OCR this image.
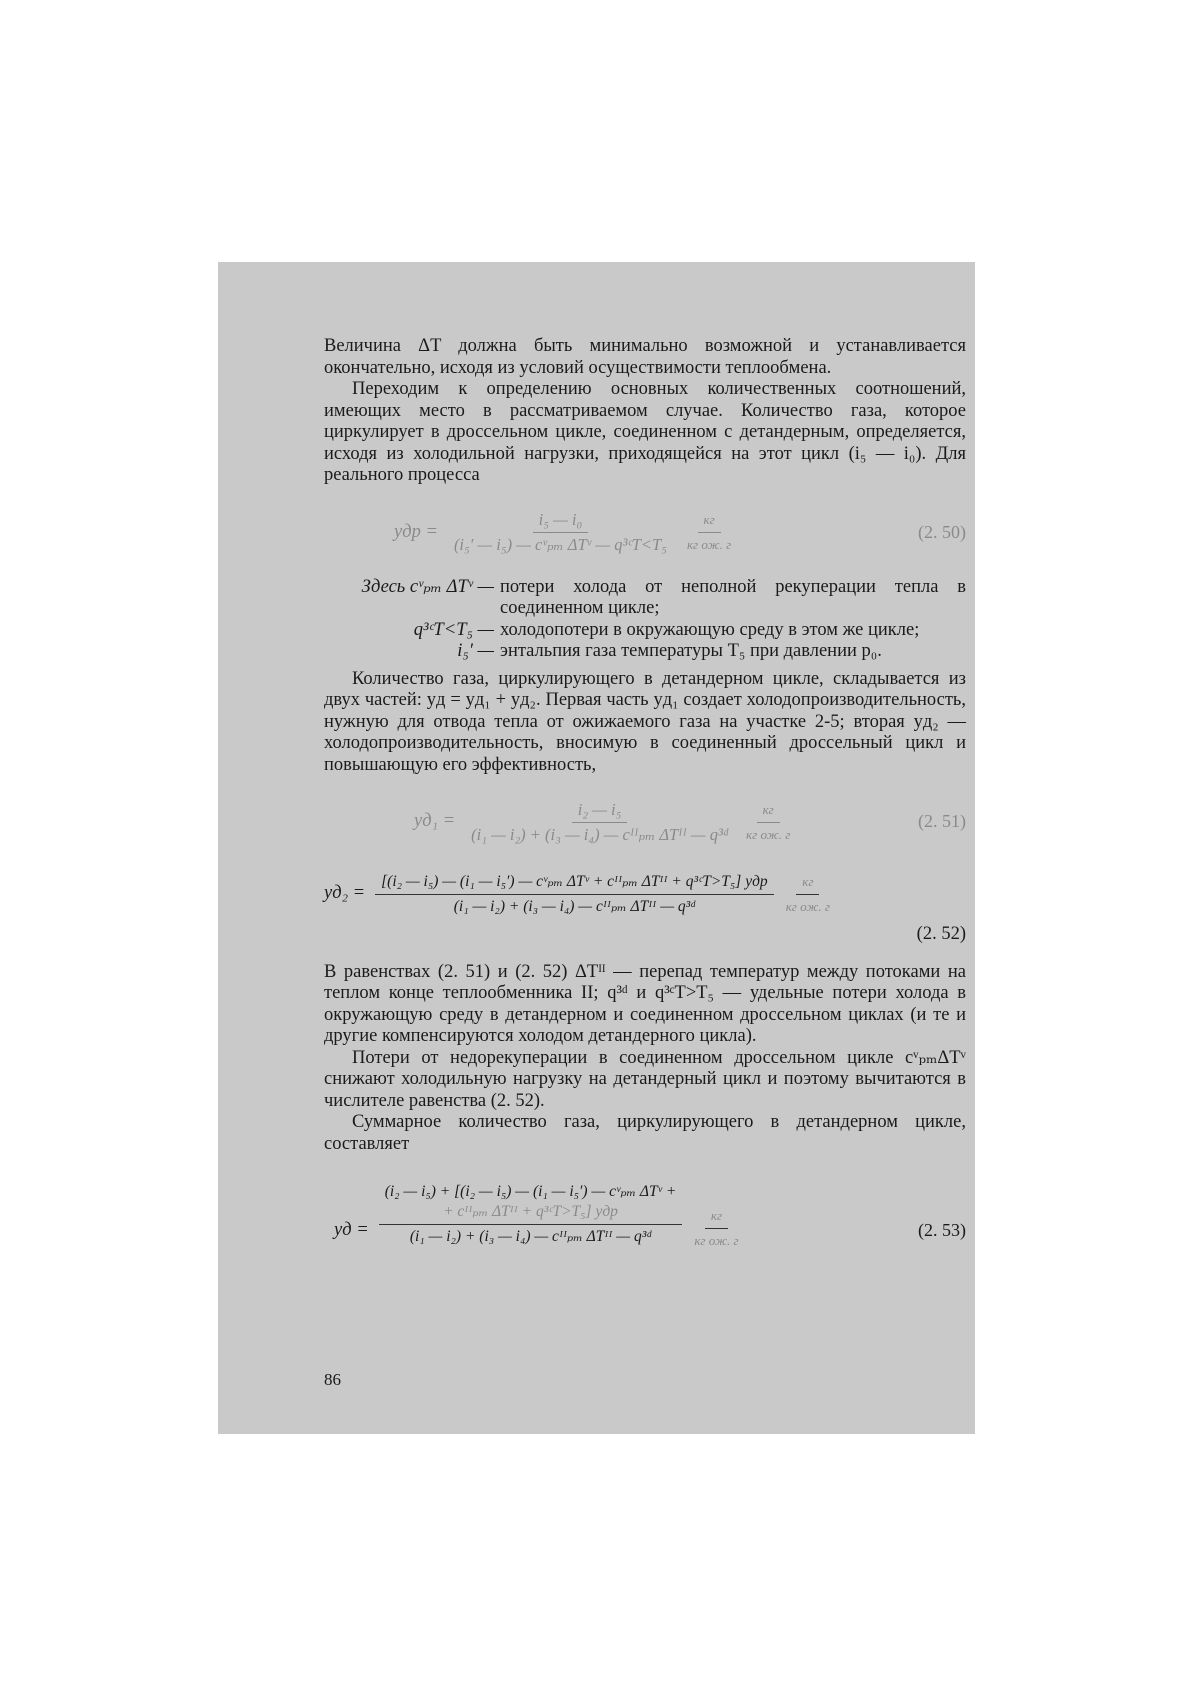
Величина ΔT должна быть минимально возможной и устанавливается окончательно, исходя из условий осуществимости теплообмена.

Переходим к определению основных количественных соотношений, имеющих место в рассматриваемом случае. Количество газа, которое циркулирует в дроссельном цикле, соединенном с детандерным, определяется, исходя из холодильной нагрузки, приходящейся на этот цикл (i₅ — i₀). Для реального процесса

yдр = $\frac{\text{i₅ — i₀}}{\text{(i₅′ — i₅) — cᵛₚₘ ΔTᵛ — q³ᶜT<T₅}} \frac{кг}{\text{кг ож. г}}$	(2. 50)
Здесь cᵛₚₘ ΔTᵛ — потери холода от неполной рекуперации тепла в соединенном цикле;
q³ᶜT<T₅ — холодопотери в окружающую среду в этом же цикле;
i₅′ — энтальпия газа температуры T₅ при давлении p₀.

Количество газа, циркулирующего в детандерном цикле, складывается из двух частей: yд = yд₁ + yд₂. Первая часть yд₁ создает холодопроизводительность, нужную для отвода тепла от ожижаемого газа на участке 2-5; вторая yд₂ — холодопроизводительность, вносимую в соединенный дроссельный цикл и повышающую его эффективность,

$yд_1 = \frac{\text{i₂ — i₅}}{\text{(i₁ — i₂) + (i₃ — i₄) — cᴵᴵₚₘ ΔTᴵᴵ — q³ᵈ}} \frac{кг}{\text{кг ож. г}}$	(2. 51)
yд₂ =
[(i₂ — i₅) — (i₁ — i₅′) — cᵛₚₘ ΔTᵛ + cᴵᴵₚₘ ΔTᴵᴵ + q³ᶜT>T₅] yдр
(i₁ — i₂) + (i₃ — i₄) — cᴵᴵₚₘ ΔTᴵᴵ — q³ᵈ	$\frac{кг}{\text{кг ож. г}}$
(2. 52)

В равенствах (2. 51) и (2. 52) ΔTᴵᴵ — перепад температур между потоками на теплом конце теплообменника II; q³ᵈ и q³ᶜT>T₅ — удельные потери холода в окружающую среду в детандерном и соединенном дроссельном циклах (и те и другие компенсируются холодом детандерного цикла).

Потери от недорекуперации в соединенном дроссельном цикле cᵛₚₘΔTᵛ снижают холодильную нагрузку на детандерный цикл и поэтому вычитаются в числителе равенства (2. 52).

Суммарное количество газа, циркулирующего в детандерном цикле, составляет

yд =
(i₂ — i₅) + [(i₂ — i₅) — (i₁ — i₅′) — cᵛₚₘ ΔTᵛ +
+ cᴵᴵₚₘ ΔTᴵᴵ + q³ᶜT>T₅] yдр
(i₁ — i₂) + (i₃ — i₄) — cᴵᴵₚₘ ΔTᴵᴵ — q³ᵈ	$\frac{кг}{\text{кг ож. г}}$	(2. 53)
86
